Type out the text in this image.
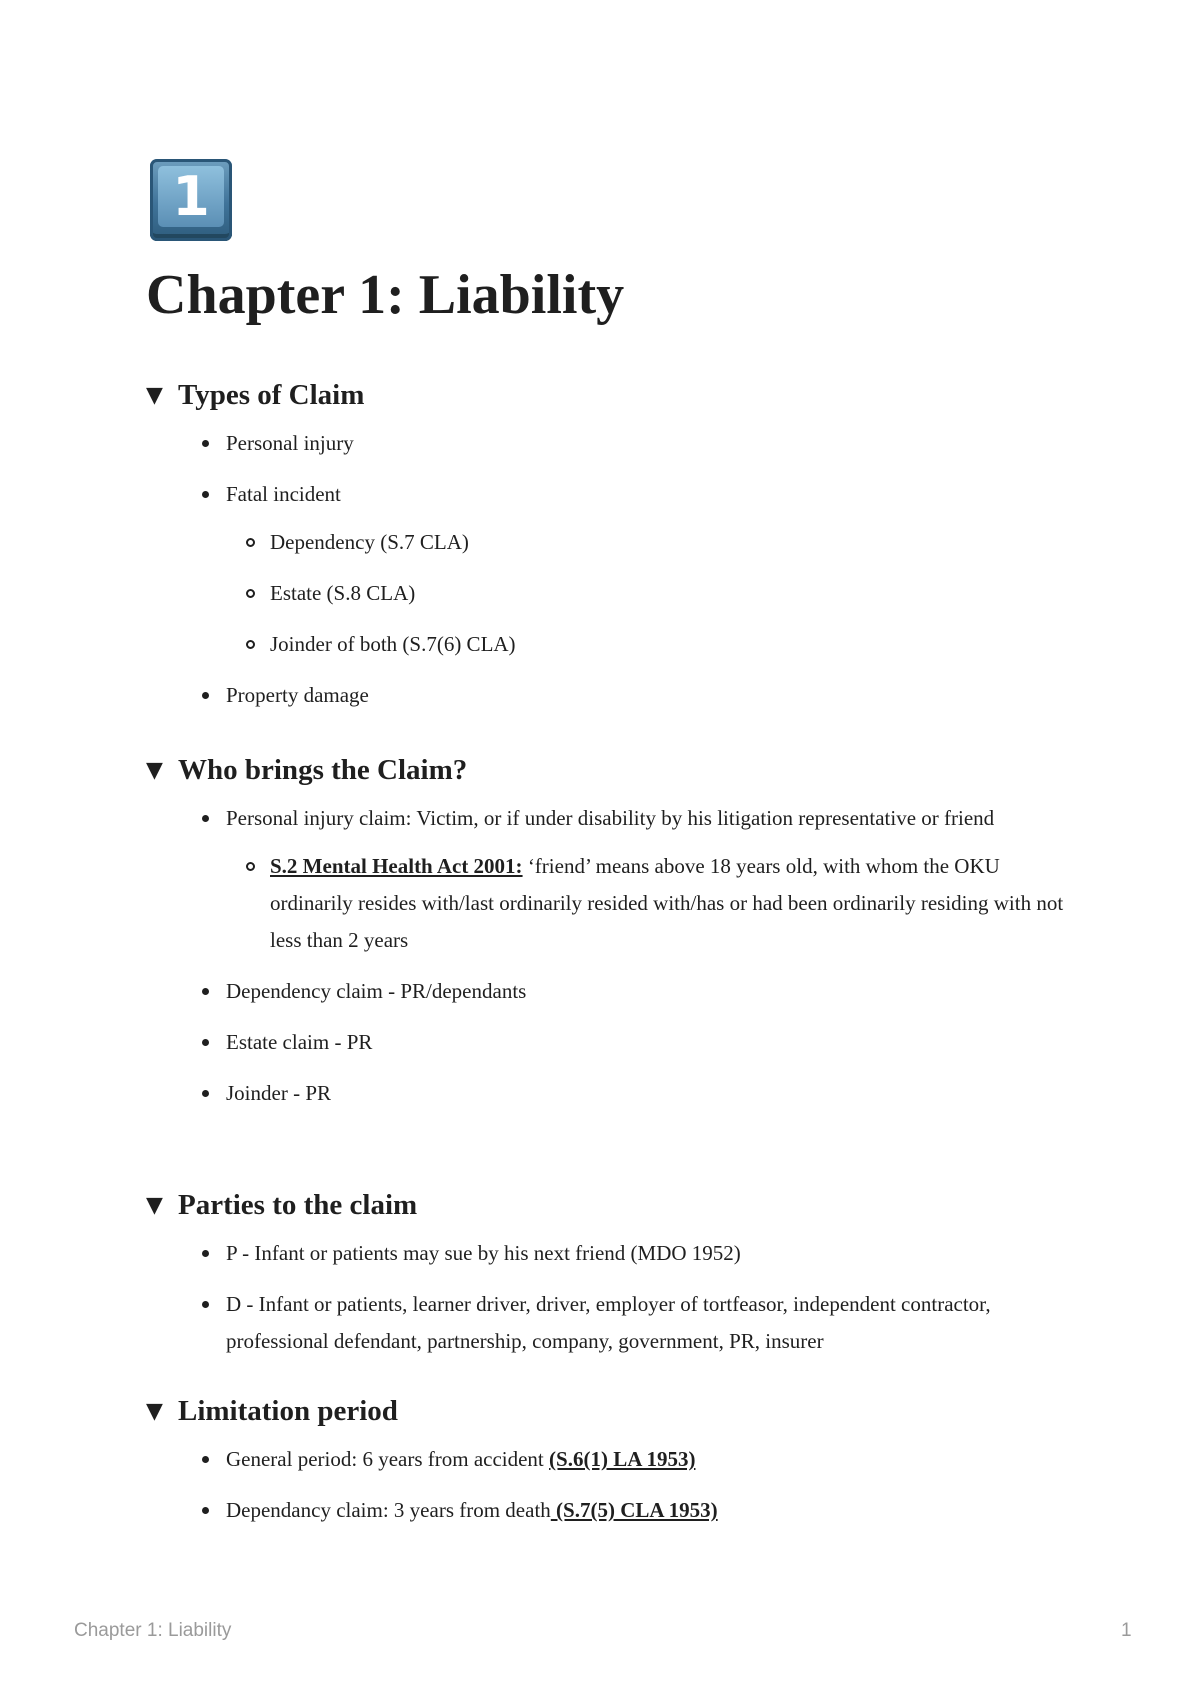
1
Chapter 1: Liability
▼ Types of Claim
Personal injury
Fatal incident
Dependency (S.7 CLA)
Estate (S.8 CLA)
Joinder of both (S.7(6) CLA)
Property damage
▼ Who brings the Claim?
Personal injury claim: Victim, or if under disability by his litigation representative or friend
S.2 Mental Health Act 2001: ‘friend’ means above 18 years old, with whom the OKU ordinarily resides with/last ordinarily resided with/has or had been ordinarily residing with not less than 2 years
Dependency claim - PR/dependants
Estate claim - PR
Joinder - PR
▼ Parties to the claim
P - Infant or patients may sue by his next friend (MDO 1952)
D - Infant or patients, learner driver, driver, employer of tortfeasor, independent contractor, professional defendant, partnership, company, government, PR, insurer
▼ Limitation period
General period: 6 years from accident (S.6(1) LA 1953)
Dependancy claim: 3 years from death (S.7(5) CLA 1953)
Chapter 1: Liability	1
